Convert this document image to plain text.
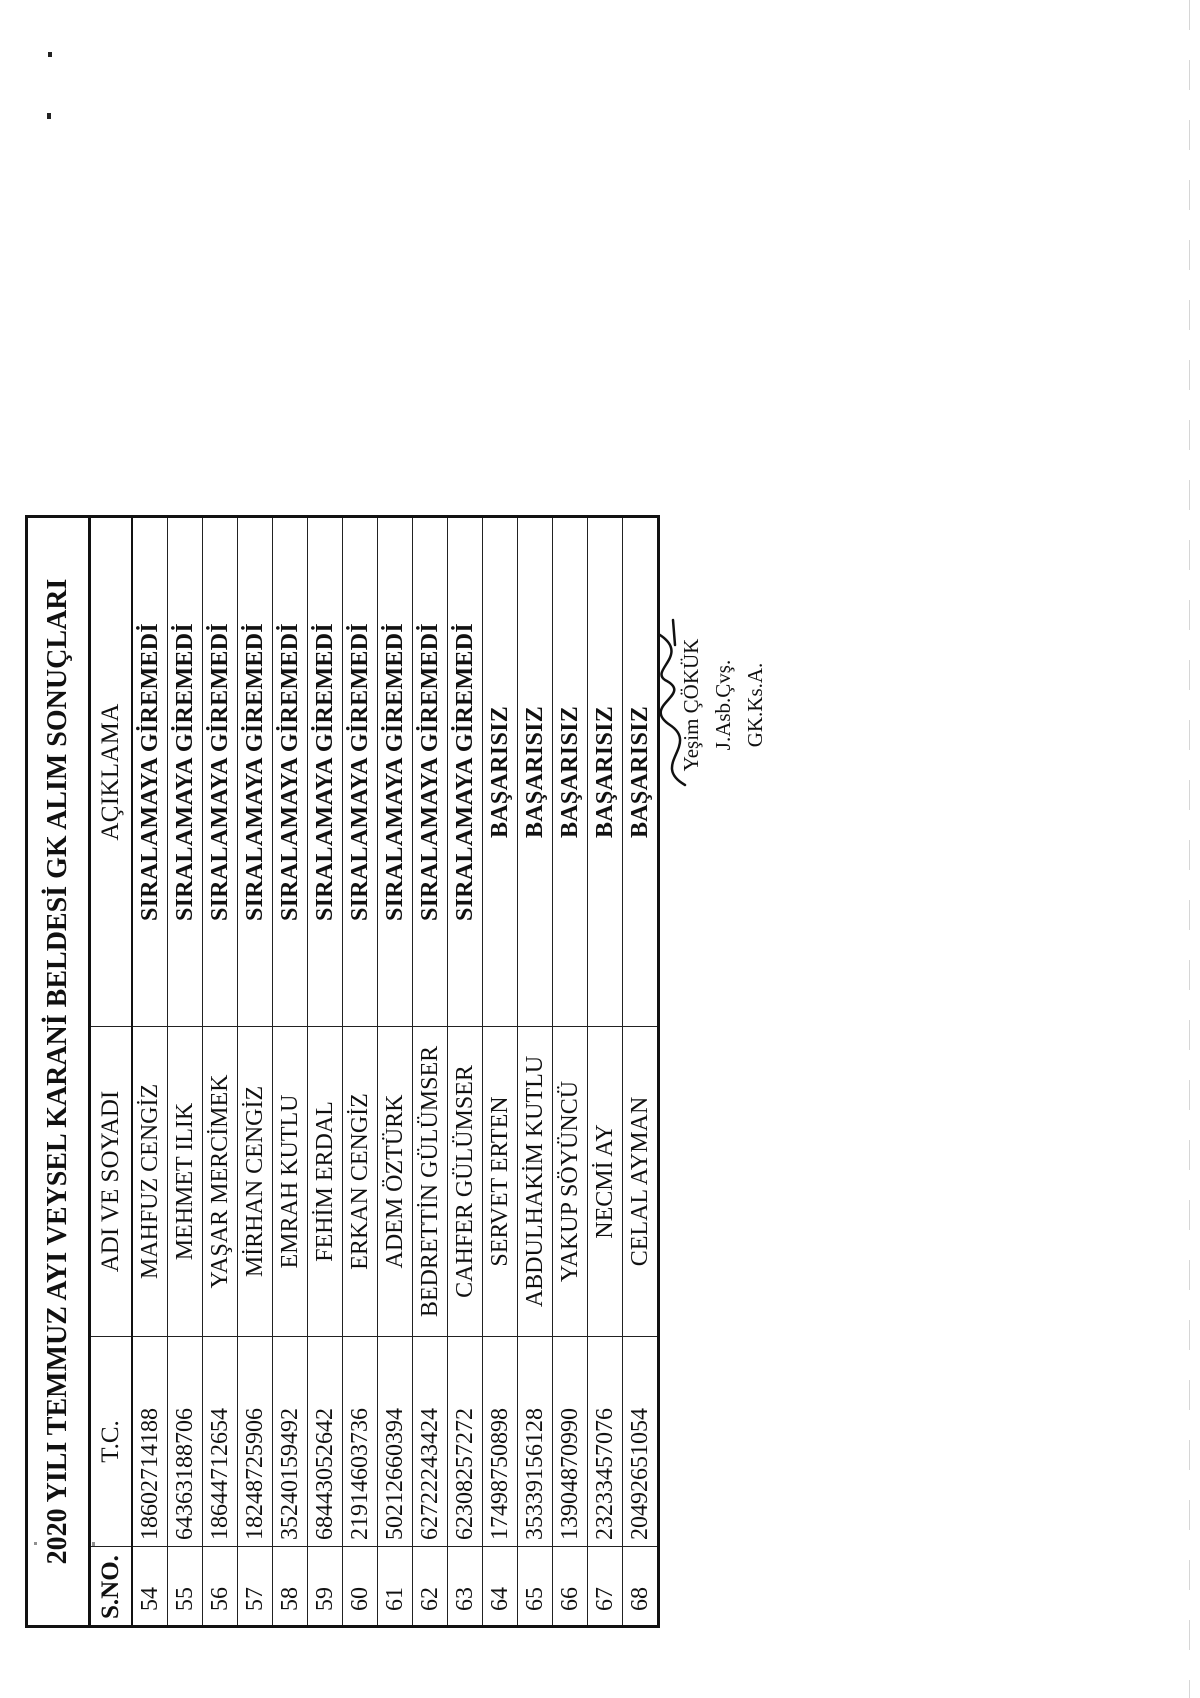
2020 YILI TEMMUZ AYI VEYSEL KARANİ BELDESİ GK ALIM SONUÇLARI			
S.NO.	T.C.	ADI VE SOYADI	AÇIKLAMA
54	18602714188	MAHFUZ CENGİZ	SIRALAMAYA GİREMEDİ
55	64363188706	MEHMET ILIK	SIRALAMAYA GİREMEDİ
56	18644712654	YAŞAR MERCİMEK	SIRALAMAYA GİREMEDİ
57	18248725906	MİRHAN CENGİZ	SIRALAMAYA GİREMEDİ
58	35240159492	EMRAH KUTLU	SIRALAMAYA GİREMEDİ
59	68443052642	FEHİM ERDAL	SIRALAMAYA GİREMEDİ
60	21914603736	ERKAN CENGİZ	SIRALAMAYA GİREMEDİ
61	50212660394	ADEM ÖZTÜRK	SIRALAMAYA GİREMEDİ
62	62722243424	BEDRETTİN GÜLÜMSER	SIRALAMAYA GİREMEDİ
63	62308257272	CAHFER GÜLÜMSER	SIRALAMAYA GİREMEDİ
64	17498750898	SERVET ERTEN	BAŞARISIZ
65	35339156128	ABDULHAKİM KUTLU	BAŞARISIZ
66	13904870990	YAKUP SÖYÜNCÜ	BAŞARISIZ
67	23233457076	NECMİ AY	BAŞARISIZ
68	20492651054	CELAL AYMAN	BAŞARISIZ
Yeşim ÇÖKÜK J.Asb.Çvş. GK.Ks.A.
